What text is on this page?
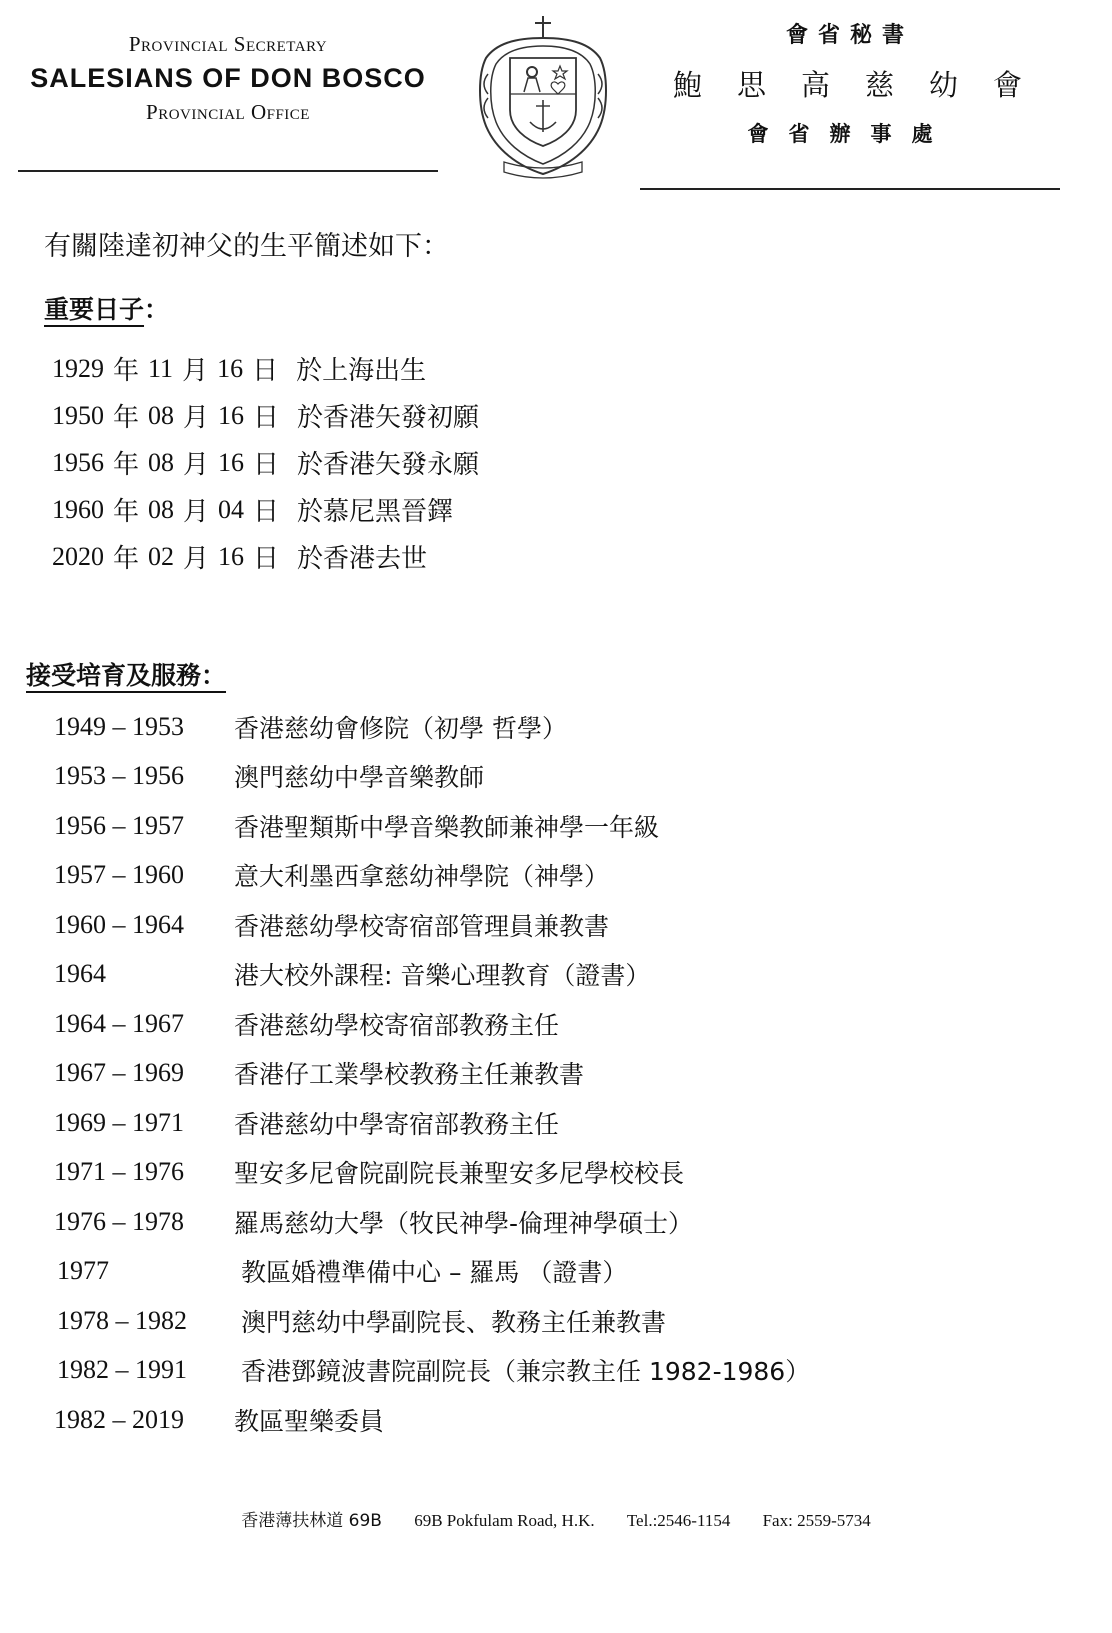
Provincial Secretary
SALESIANS OF DON BOSCO
Provincial Office
會省秘書
鮑思高慈幼會
會省辦事處
有關陸達初神父的生平簡述如下：
重要日子：
1929 年 11 月 16 日 於上海出生
1950 年 08 月 16 日 於香港矢發初願
1956 年 08 月 16 日 於香港矢發永願
1960 年 08 月 04 日 於慕尼黑晉鐸
2020 年 02 月 16 日 於香港去世
接受培育及服務：
1949 – 1953	香港慈幼會修院（初學 哲學）
1953 – 1956	澳門慈幼中學音樂教師
1956 – 1957	香港聖類斯中學音樂教師兼神學一年級
1957 – 1960	意大利墨西拿慈幼神學院（神學）
1960 – 1964	香港慈幼學校寄宿部管理員兼教書
1964	港大校外課程: 音樂心理教育（證書）
1964 – 1967	香港慈幼學校寄宿部教務主任
1967 – 1969	香港仔工業學校教務主任兼教書
1969 – 1971	香港慈幼中學寄宿部教務主任
1971 – 1976	聖安多尼會院副院長兼聖安多尼學校校長
1976 – 1978	羅馬慈幼大學（牧民神學-倫理神學碩士）
1977	教區婚禮準備中心 – 羅馬 （證書）
1978 – 1982	澳門慈幼中學副院長、教務主任兼教書
1982 – 1991	香港鄧鏡波書院副院長（兼宗教主任 1982-1986）
1982 – 2019	教區聖樂委員
香港薄扶林道 69B 69B Pokfulam Road, H.K. Tel.:2546-1154 Fax: 2559-5734
